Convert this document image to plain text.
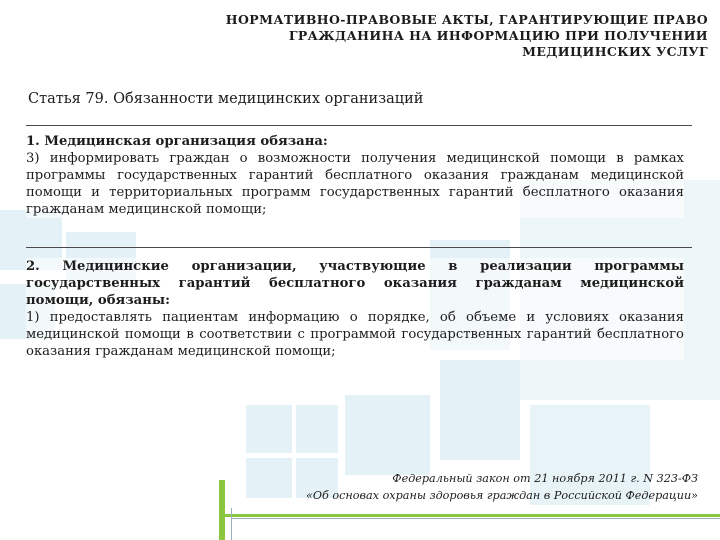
НОРМАТИВНО-ПРАВОВЫЕ АКТЫ, ГАРАНТИРУЮЩИЕ ПРАВО
ГРАЖДАНИНА НА ИНФОРМАЦИЮ ПРИ ПОЛУЧЕНИИ
МЕДИЦИНСКИХ УСЛУГ
Статья 79. Обязанности медицинских организаций
1. Медицинская организация обязана:
3) информировать граждан о возможности получения медицинской помощи в рамках программы государственных гарантий бесплатного оказания гражданам медицинской помощи и территориальных программ государственных гарантий бесплатного оказания гражданам медицинской помощи;
2. Медицинские организации, участвующие в реализации программы государственных гарантий бесплатного оказания гражданам медицинской помощи, обязаны:
1) предоставлять пациентам информацию о порядке, об объеме и условиях оказания медицинской помощи в соответствии с программой государственных гарантий бесплатного оказания гражданам медицинской помощи;
Федеральный закон от 21 ноября 2011 г. N 323-ФЗ
«Об основах охраны здоровья граждан в Российской Федерации»
